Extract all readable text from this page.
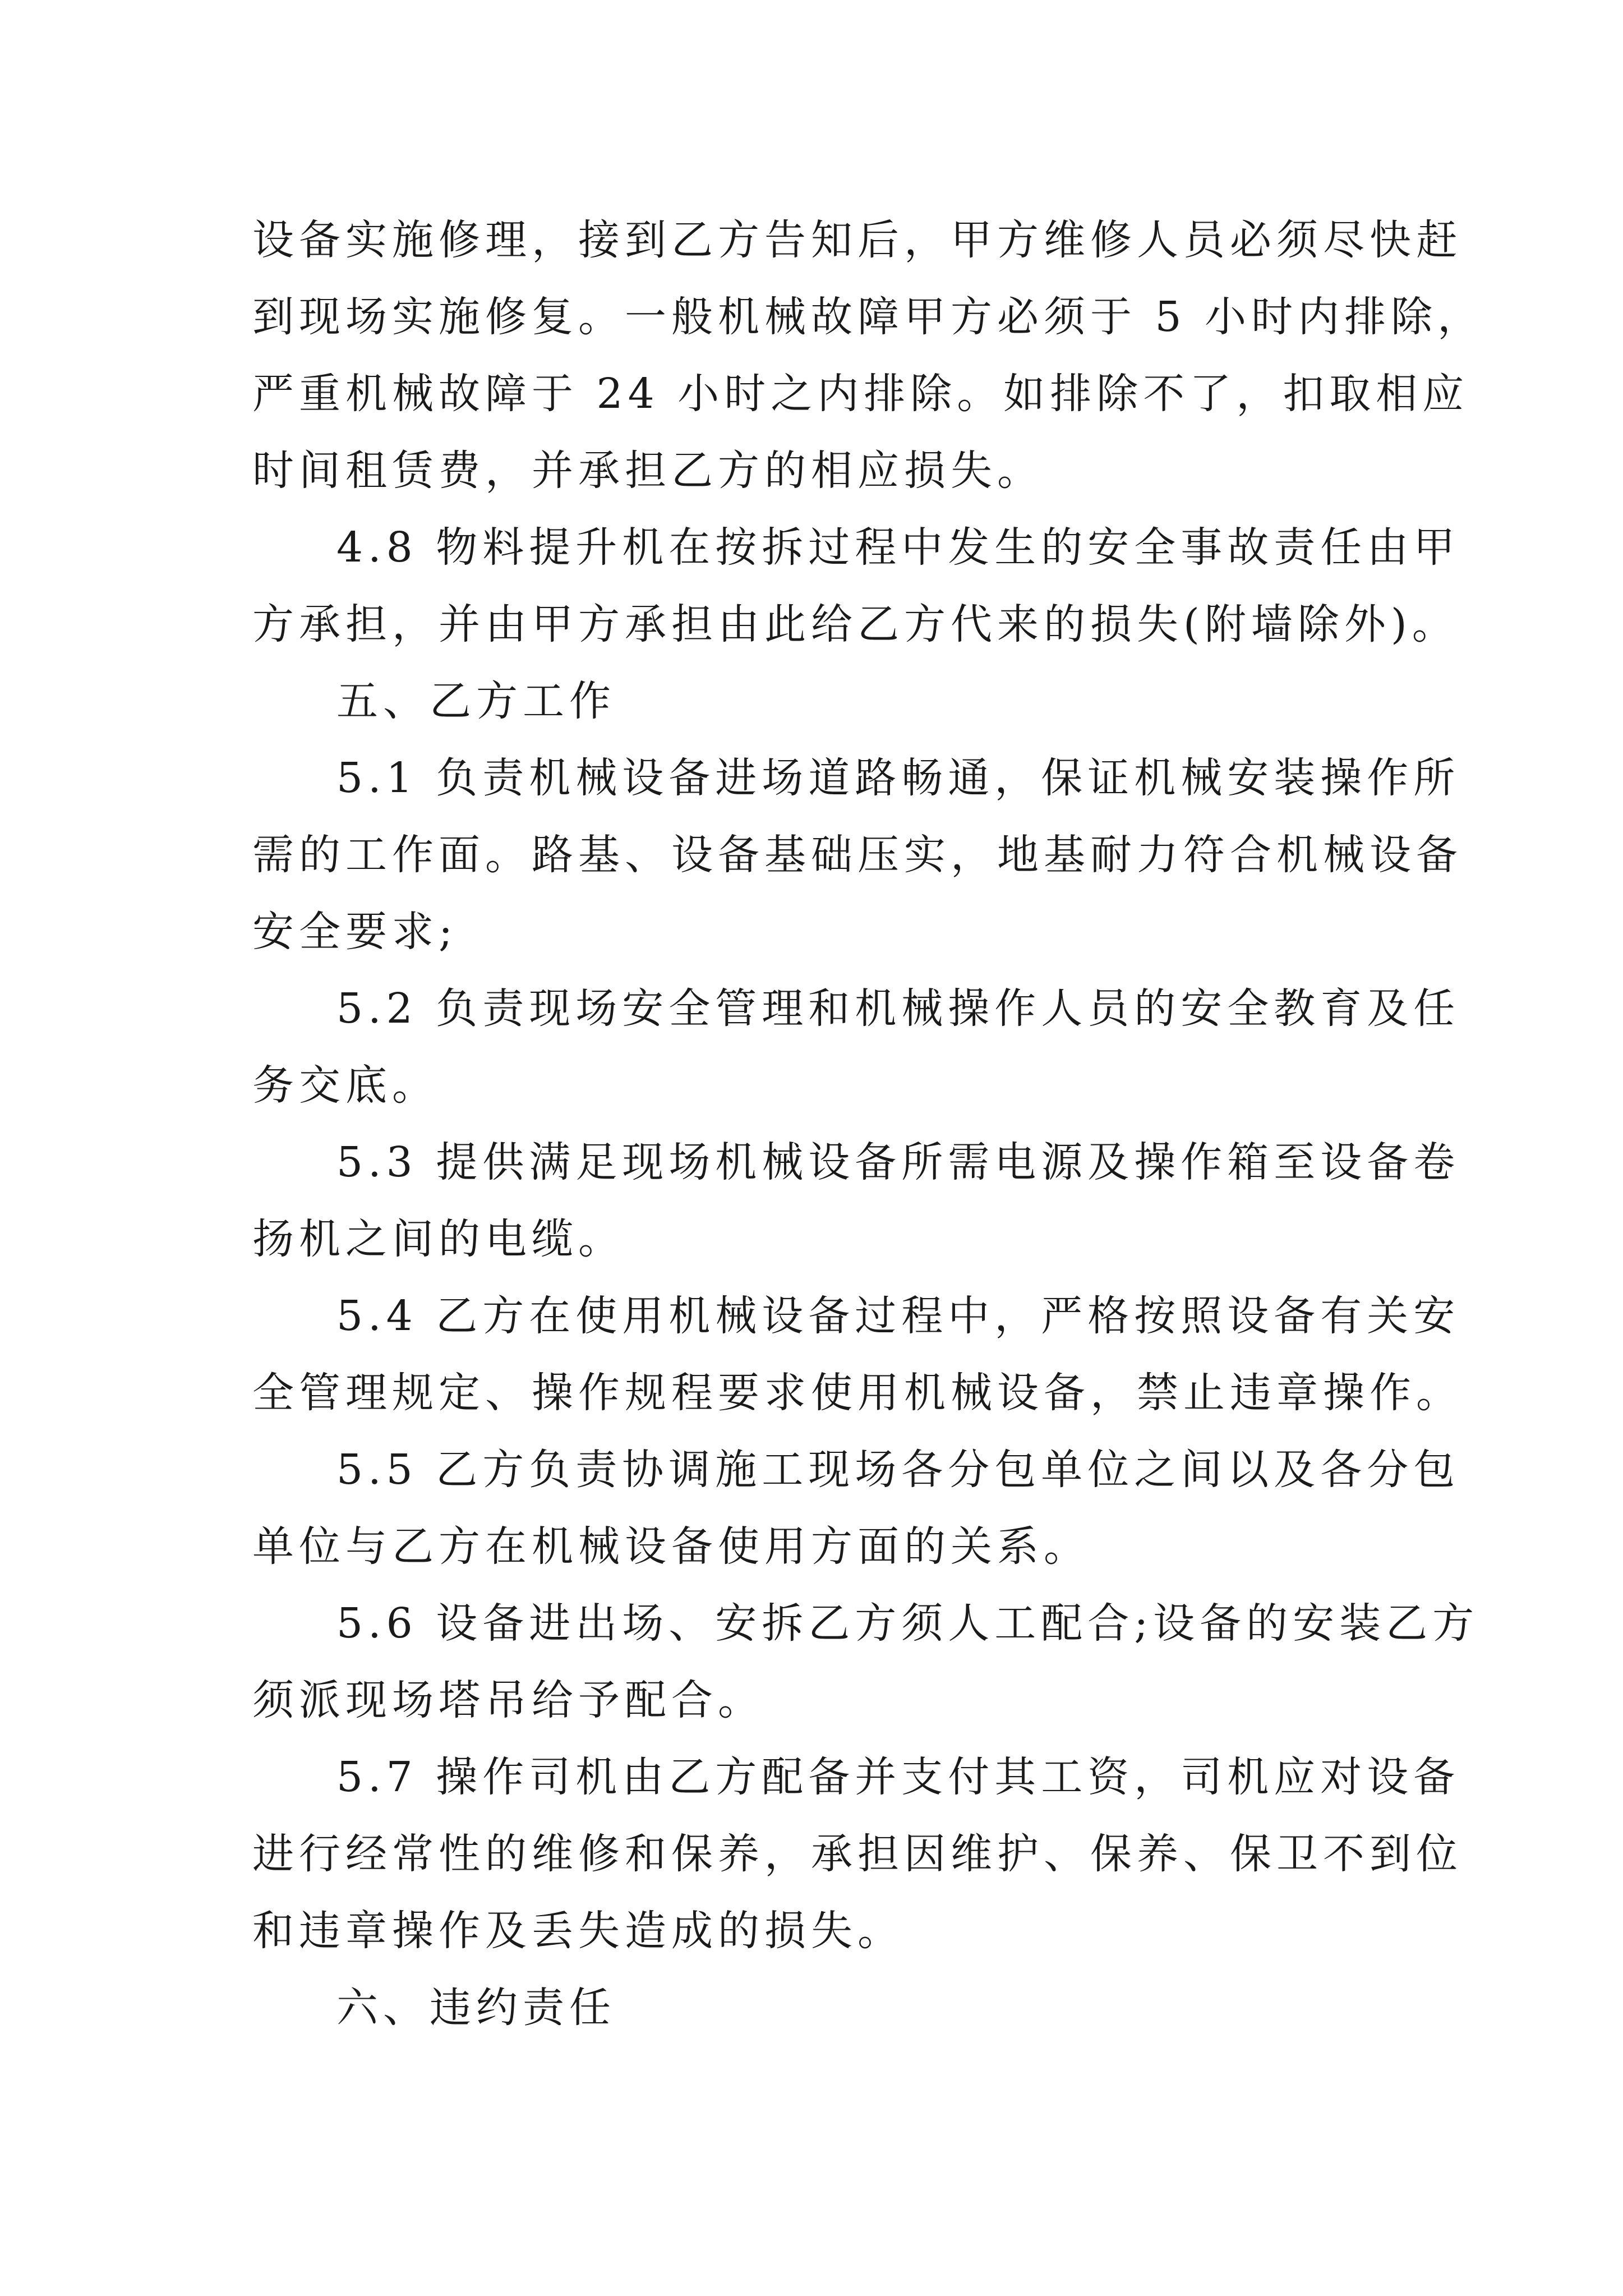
设备实施修理，接到乙方告知后，甲方维修人员必须尽快赶
到现场实施修复。一般机械故障甲方必须于 5 小时内排除，
严重机械故障于 24 小时之内排除。如排除不了，扣取相应
时间租赁费，并承担乙方的相应损失。
4.8 物料提升机在按拆过程中发生的安全事故责任由甲
方承担，并由甲方承担由此给乙方代来的损失(附墙除外)。
五、乙方工作
5.1 负责机械设备进场道路畅通，保证机械安装操作所
需的工作面。路基、设备基础压实，地基耐力符合机械设备
安全要求;
5.2 负责现场安全管理和机械操作人员的安全教育及任
务交底。
5.3 提供满足现场机械设备所需电源及操作箱至设备卷
扬机之间的电缆。
5.4 乙方在使用机械设备过程中，严格按照设备有关安
全管理规定、操作规程要求使用机械设备，禁止违章操作。
5.5 乙方负责协调施工现场各分包单位之间以及各分包
单位与乙方在机械设备使用方面的关系。
5.6 设备进出场、安拆乙方须人工配合;设备的安装乙方
须派现场塔吊给予配合。
5.7 操作司机由乙方配备并支付其工资，司机应对设备
进行经常性的维修和保养，承担因维护、保养、保卫不到位
和违章操作及丢失造成的损失。
六、违约责任
